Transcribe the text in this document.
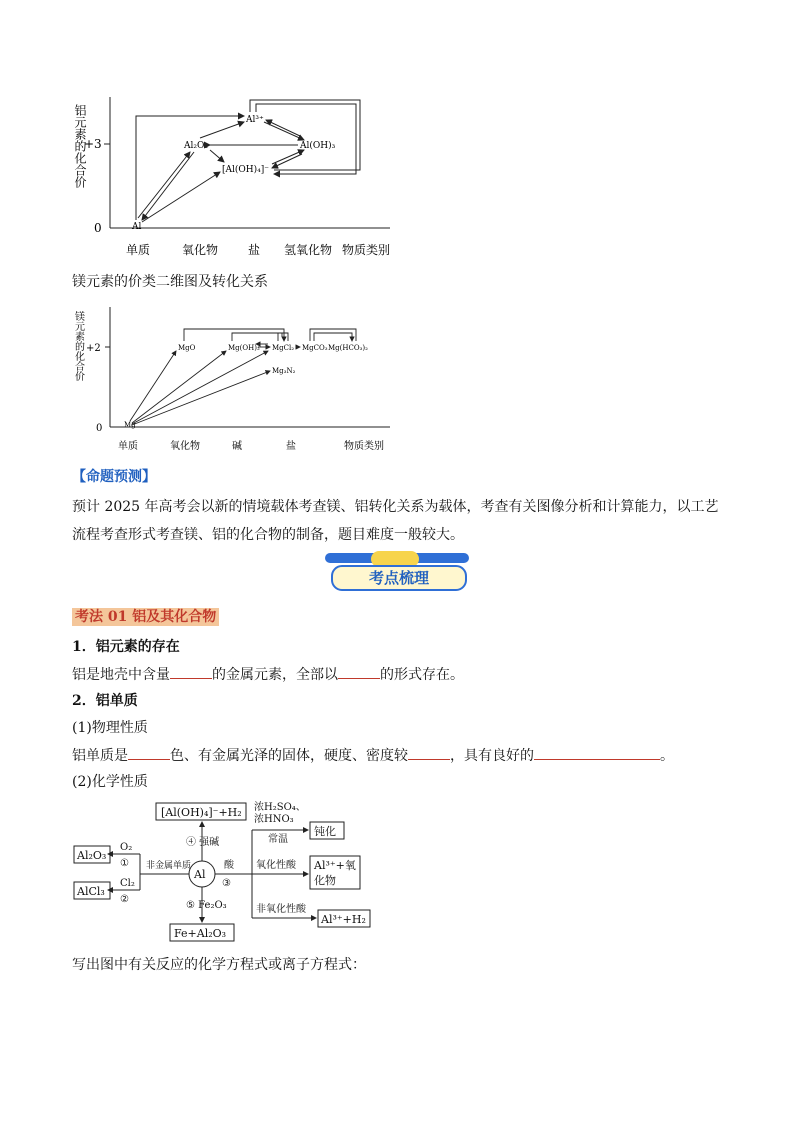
铝元素的化合价
+3
0
单质	氧化物 盐 氢氧化物 物质类别
Al
Al₂O₃
Al³⁺
Al(OH)₃
[Al(OH)₄]⁻
镁元素的价类二维图及转化关系
镁元素的化合价 +2
0
单质	氧化物	碱	盐	物质类别
Mg
MgO	Mg(OH)₂ MgCl₂ MgCO₃ Mg(HCO₃)₂
Mg₃N₂
【命题预测】
预计 2025 年高考会以新的情境载体考查镁、铝转化关系为载体，考查有关图像分析和计算能力，以工艺流程考查形式考查镁、铝的化合物的制备，题目难度一般较大。
考点梳理
考法 01 铝及其化合物
1．铝元素的存在
铝是地壳中含量	的金属元素，全部以	的形式存在。
2．铝单质
(1)物理性质
铝单质是	色、有金属光泽的固体，硬度、密度较	，具有良好的	。
(2)化学性质
Al
[Al(OH)₄]⁻+H₂
④ 强碱
⑤ Fe₂O₃
Fe+Al₂O₃
非金属单质
Al₂O₃
O₂
①
AlCl₃
Cl₂
②
酸
③
浓H₂SO₄、
浓HNO₃
常温
钝化
氧化性酸 Al³⁺+氧
化物
非氧化性酸
Al³⁺+H₂
写出图中有关反应的化学方程式或离子方程式：
